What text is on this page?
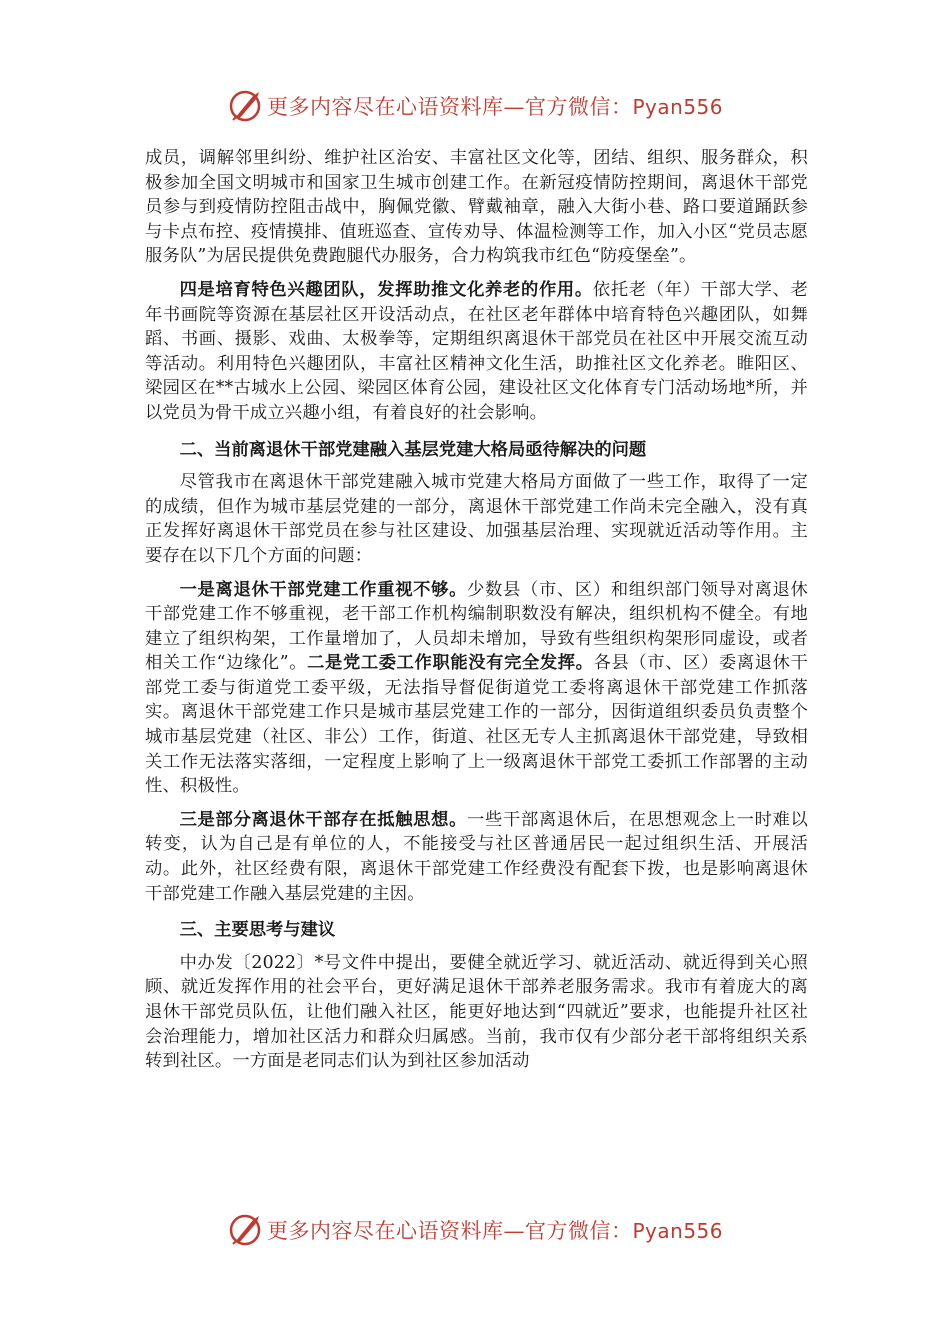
更多内容尽在心语资料库—官方微信：Pyan556

成员，调解邻里纠纷、维护社区治安、丰富社区文化等，团结、组织、服务群众，积极参加全国文明城市和国家卫生城市创建工作。在新冠疫情防控期间，离退休干部党员参与到疫情防控阻击战中，胸佩党徽、臂戴袖章，融入大街小巷、路口要道踊跃参与卡点布控、疫情摸排、值班巡查、宣传劝导、体温检测等工作，加入小区“党员志愿服务队”为居民提供免费跑腿代办服务，合力构筑我市红色“防疫堡垒”。

四是培育特色兴趣团队，发挥助推文化养老的作用。依托老（年）干部大学、老年书画院等资源在基层社区开设活动点，在社区老年群体中培育特色兴趣团队，如舞蹈、书画、摄影、戏曲、太极拳等，定期组织离退休干部党员在社区中开展交流互动等活动。利用特色兴趣团队，丰富社区精神文化生活，助推社区文化养老。睢阳区、梁园区在**古城水上公园、梁园区体育公园，建设社区文化体育专门活动场地*所，并以党员为骨干成立兴趣小组，有着良好的社会影响。

二、当前离退休干部党建融入基层党建大格局亟待解决的问题

尽管我市在离退休干部党建融入城市党建大格局方面做了一些工作，取得了一定的成绩，但作为城市基层党建的一部分，离退休干部党建工作尚未完全融入，没有真正发挥好离退休干部党员在参与社区建设、加强基层治理、实现就近活动等作用。主要存在以下几个方面的问题：

一是离退休干部党建工作重视不够。少数县（市、区）和组织部门领导对离退休干部党建工作不够重视，老干部工作机构编制职数没有解决，组织机构不健全。有地建立了组织构架，工作量增加了，人员却未增加，导致有些组织构架形同虚设，或者相关工作“边缘化”。二是党工委工作职能没有完全发挥。各县（市、区）委离退休干部党工委与街道党工委平级，无法指导督促街道党工委将离退休干部党建工作抓落实。离退休干部党建工作只是城市基层党建工作的一部分，因街道组织委员负责整个城市基层党建（社区、非公）工作，街道、社区无专人主抓离退休干部党建，导致相关工作无法落实落细，一定程度上影响了上一级离退休干部党工委抓工作部署的主动性、积极性。

三是部分离退休干部存在抵触思想。一些干部离退休后，在思想观念上一时难以转变，认为自己是有单位的人，不能接受与社区普通居民一起过组织生活、开展活动。此外，社区经费有限，离退休干部党建工作经费没有配套下拨，也是影响离退休干部党建工作融入基层党建的主因。

三、主要思考与建议

中办发〔2022〕*号文件中提出，要健全就近学习、就近活动、就近得到关心照顾、就近发挥作用的社会平台，更好满足退休干部养老服务需求。我市有着庞大的离退休干部党员队伍，让他们融入社区，能更好地达到“四就近”要求，也能提升社区社会治理能力，增加社区活力和群众归属感。当前，我市仅有少部分老干部将组织关系转到社区。一方面是老同志们认为到社区参加活动

更多内容尽在心语资料库—官方微信：Pyan556
